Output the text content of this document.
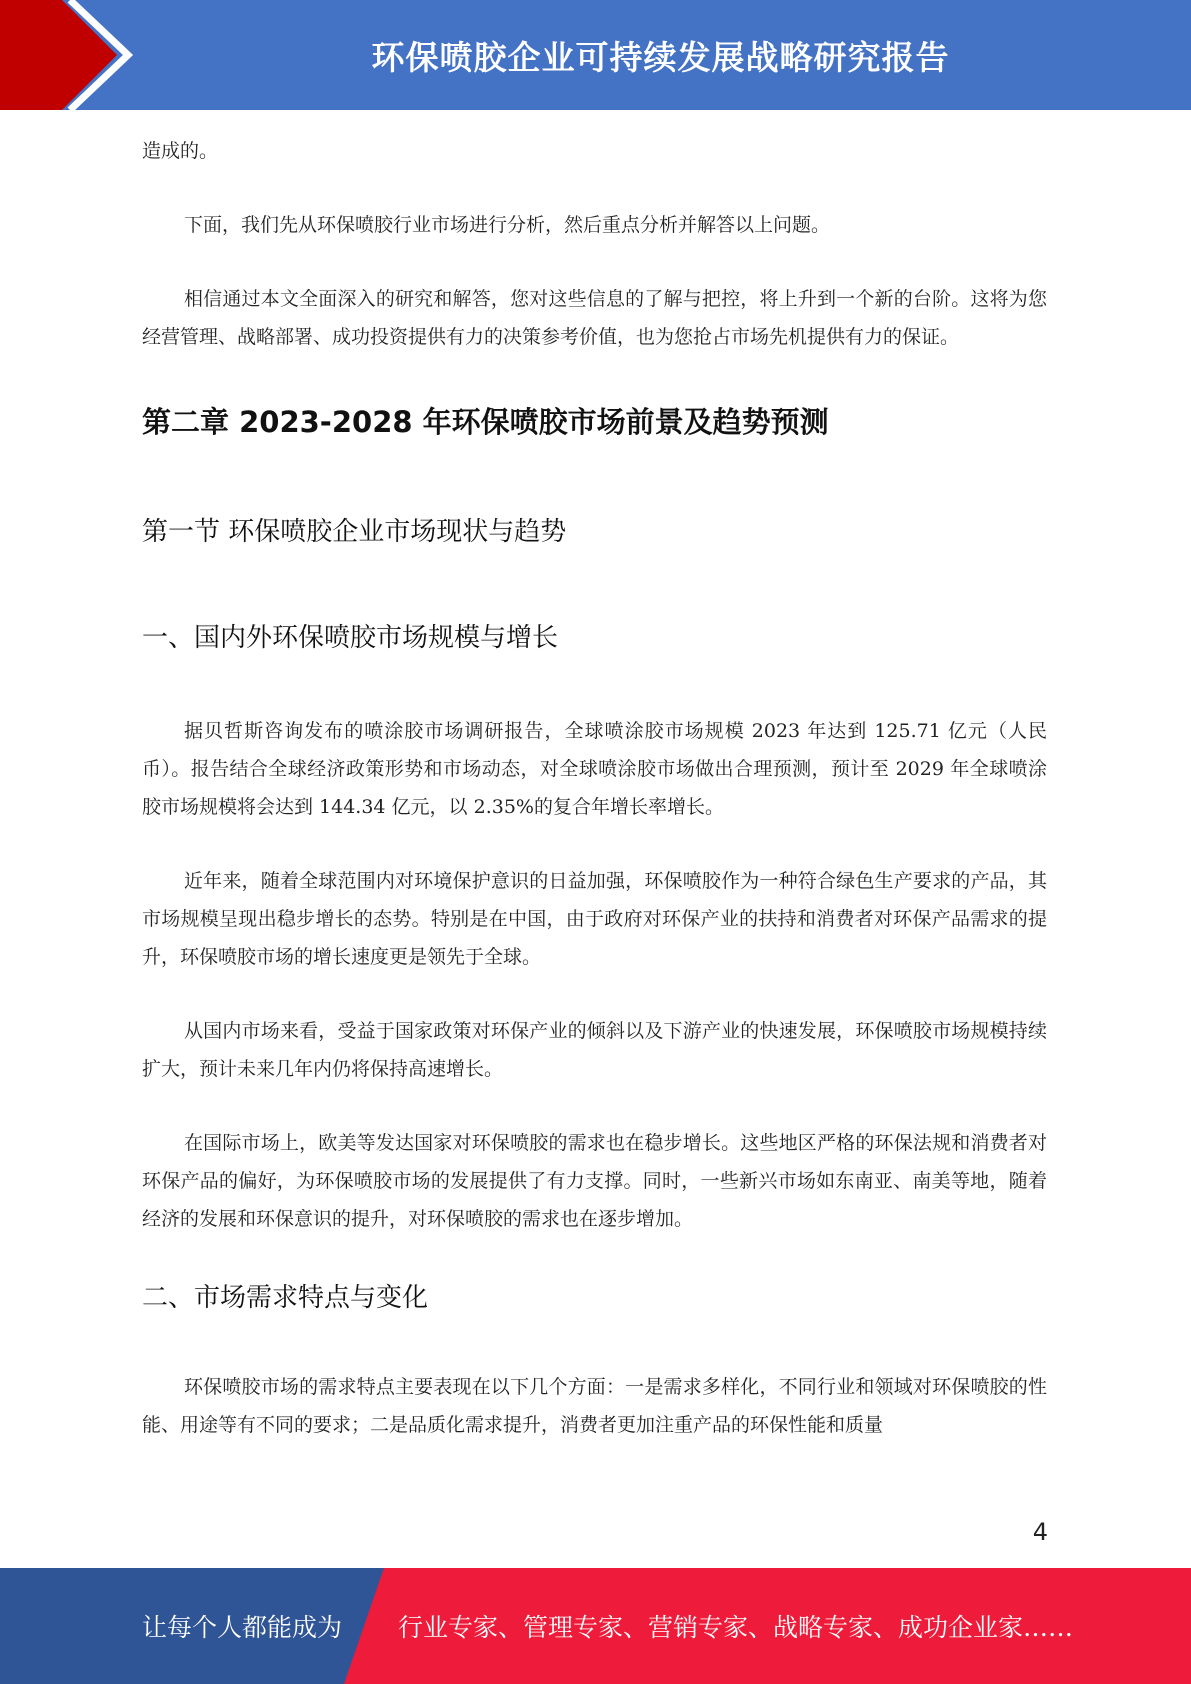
环保喷胶企业可持续发展战略研究报告

造成的。

下面，我们先从环保喷胶行业市场进行分析，然后重点分析并解答以上问题。

相信通过本文全面深入的研究和解答，您对这些信息的了解与把控，将上升到一个新的台阶。这将为您经营管理、战略部署、成功投资提供有力的决策参考价值，也为您抢占市场先机提供有力的保证。

第二章 2023-2028 年环保喷胶市场前景及趋势预测
第一节 环保喷胶企业市场现状与趋势
一、国内外环保喷胶市场规模与增长

据贝哲斯咨询发布的喷涂胶市场调研报告，全球喷涂胶市场规模 2023 年达到 125.71 亿元（人民币）。报告结合全球经济政策形势和市场动态，对全球喷涂胶市场做出合理预测，预计至 2029 年全球喷涂胶市场规模将会达到 144.34 亿元，以 2.35%的复合年增长率增长。

近年来，随着全球范围内对环境保护意识的日益加强，环保喷胶作为一种符合绿色生产要求的产品，其市场规模呈现出稳步增长的态势。特别是在中国，由于政府对环保产业的扶持和消费者对环保产品需求的提升，环保喷胶市场的增长速度更是领先于全球。

从国内市场来看，受益于国家政策对环保产业的倾斜以及下游产业的快速发展，环保喷胶市场规模持续扩大，预计未来几年内仍将保持高速增长。

在国际市场上，欧美等发达国家对环保喷胶的需求也在稳步增长。这些地区严格的环保法规和消费者对环保产品的偏好，为环保喷胶市场的发展提供了有力支撑。同时，一些新兴市场如东南亚、南美等地，随着经济的发展和环保意识的提升，对环保喷胶的需求也在逐步增加。

二、市场需求特点与变化

环保喷胶市场的需求特点主要表现在以下几个方面：一是需求多样化，不同行业和领域对环保喷胶的性能、用途等有不同的要求；二是品质化需求提升，消费者更加注重产品的环保性能和质量

4
让每个人都能成为 行业专家、管理专家、营销专家、战略专家、成功企业家……
